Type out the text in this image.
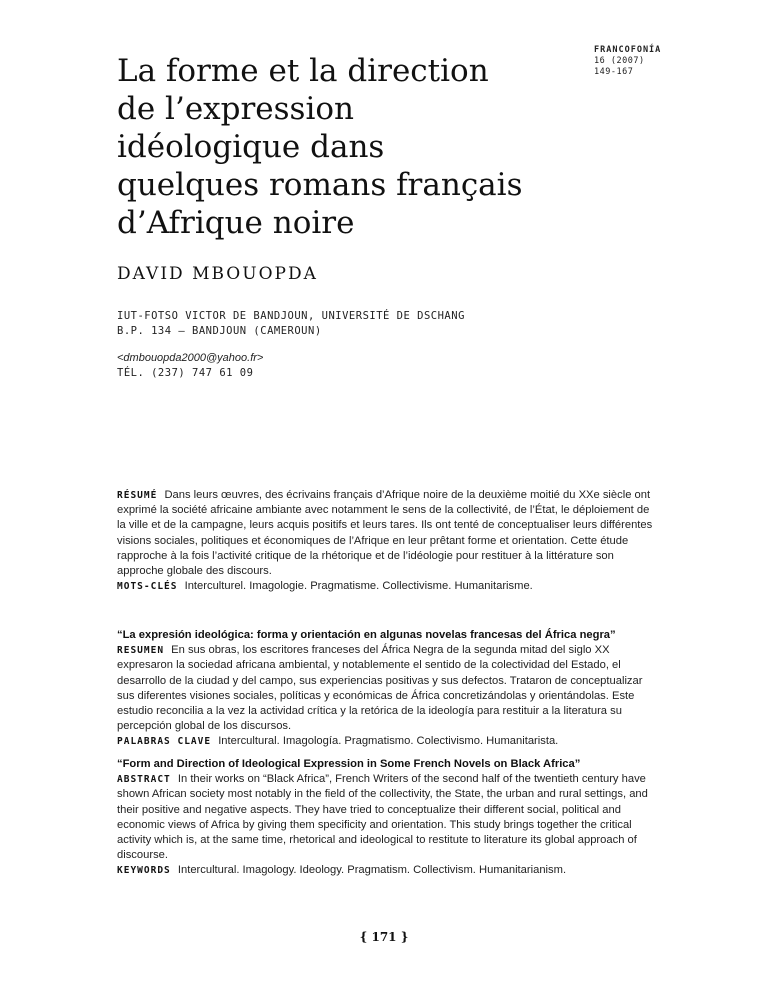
La forme et la direction
de l’expression
idéologique dans
quelques romans français
d’Afrique noire
FRANCOFONÍA
16 (2007)
149-167
DAVID MBOUOPDA
IUT-FOTSO VICTOR DE BANDJOUN, UNIVERSITÉ DE DSCHANG
B.P. 134 — BANDJOUN (CAMEROUN)
<dmbouopda2000@yahoo.fr>
TÉL. (237) 747 61 09

RÉSUMÉ Dans leurs œuvres, des écrivains français d’Afrique noire de la deuxième moitié du XXe siècle ont exprimé la société africaine ambiante avec notamment le sens de la collectivité, de l’État, le déploiement de la ville et de la campagne, leurs acquis positifs et leurs tares. Ils ont tenté de conceptualiser leurs différentes visions sociales, politiques et économiques de l’Afrique en leur prêtant forme et orientation. Cette étude rapproche à la fois l’activité critique de la rhétorique et de l’idéologie pour restituer à la littérature son approche globale des discours.

MOTS-CLÉS Interculturel. Imagologie. Pragmatisme. Collectivisme. Humanitarisme.

“La expresión ideológica: forma y orientación en algunas novelas francesas del África negra”

RESUMEN En sus obras, los escritores franceses del África Negra de la segunda mitad del siglo XX expresaron la sociedad africana ambiental, y notablemente el sentido de la colectividad del Estado, el desarrollo de la ciudad y del campo, sus experiencias positivas y sus defectos. Trataron de conceptualizar sus diferentes visiones sociales, políticas y económicas de África concretizándolas y orientándolas. Este estudio reconcilia a la vez la actividad crítica y la retórica de la ideología para restituir a la literatura su percepción global de los discursos.

PALABRAS CLAVE Intercultural. Imagología. Pragmatismo. Colectivismo. Humanitarista.

“Form and Direction of Ideological Expression in Some French Novels on Black Africa”

ABSTRACT In their works on “Black Africa”, French Writers of the second half of the twentieth century have shown African society most notably in the field of the collectivity, the State, the urban and rural settings, and their positive and negative aspects. They have tried to conceptualize their different social, political and economic views of Africa by giving them specificity and orientation. This study brings together the critical activity which is, at the same time, rhetorical and ideological to restitute to literature its global approach of discourse.

KEYWORDS Intercultural. Imagology. Ideology. Pragmatism. Collectivism. Humanitarianism.

{ 171 }
